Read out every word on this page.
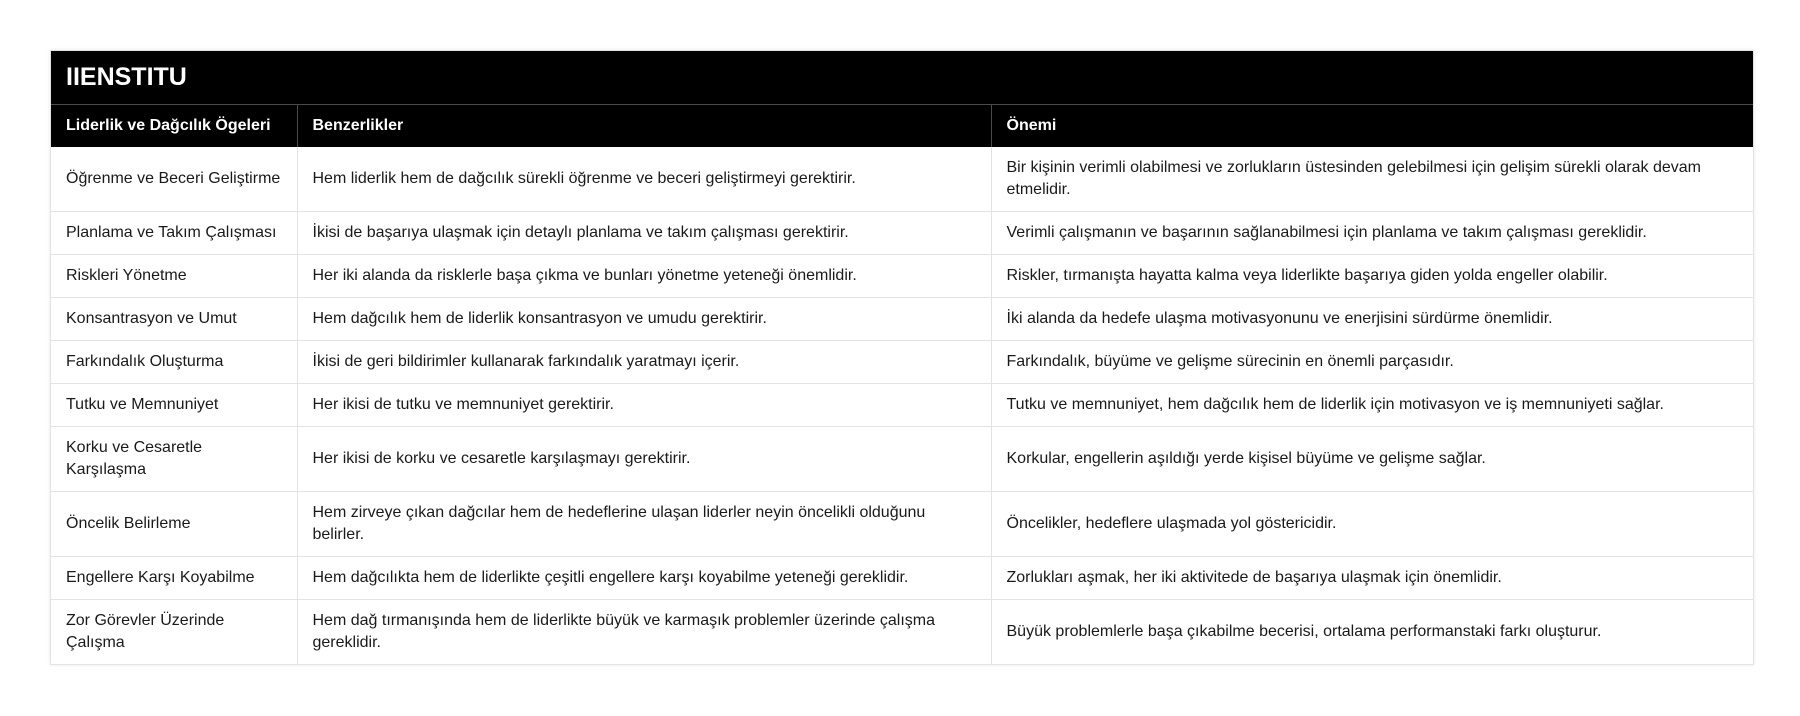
IIENSTITU
Liderlik ve Dağcılık Ögeleri	Benzerlikler	Önemi
Öğrenme ve Beceri Geliştirme	Hem liderlik hem de dağcılık sürekli öğrenme ve beceri geliştirmeyi gerektirir.	Bir kişinin verimli olabilmesi ve zorlukların üstesinden gelebilmesi için gelişim sürekli olarak devam etmelidir.
Planlama ve Takım Çalışması	İkisi de başarıya ulaşmak için detaylı planlama ve takım çalışması gerektirir.	Verimli çalışmanın ve başarının sağlanabilmesi için planlama ve takım çalışması gereklidir.
Riskleri Yönetme	Her iki alanda da risklerle başa çıkma ve bunları yönetme yeteneği önemlidir.	Riskler, tırmanışta hayatta kalma veya liderlikte başarıya giden yolda engeller olabilir.
Konsantrasyon ve Umut	Hem dağcılık hem de liderlik konsantrasyon ve umudu gerektirir.	İki alanda da hedefe ulaşma motivasyonunu ve enerjisini sürdürme önemlidir.
Farkındalık Oluşturma	İkisi de geri bildirimler kullanarak farkındalık yaratmayı içerir.	Farkındalık, büyüme ve gelişme sürecinin en önemli parçasıdır.
Tutku ve Memnuniyet	Her ikisi de tutku ve memnuniyet gerektirir.	Tutku ve memnuniyet, hem dağcılık hem de liderlik için motivasyon ve iş memnuniyeti sağlar.
Korku ve Cesaretle Karşılaşma	Her ikisi de korku ve cesaretle karşılaşmayı gerektirir.	Korkular, engellerin aşıldığı yerde kişisel büyüme ve gelişme sağlar.
Öncelik Belirleme	Hem zirveye çıkan dağcılar hem de hedeflerine ulaşan liderler neyin öncelikli olduğunu belirler.	Öncelikler, hedeflere ulaşmada yol göstericidir.
Engellere Karşı Koyabilme	Hem dağcılıkta hem de liderlikte çeşitli engellere karşı koyabilme yeteneği gereklidir.	Zorlukları aşmak, her iki aktivitede de başarıya ulaşmak için önemlidir.
Zor Görevler Üzerinde Çalışma	Hem dağ tırmanışında hem de liderlikte büyük ve karmaşık problemler üzerinde çalışma gereklidir.	Büyük problemlerle başa çıkabilme becerisi, ortalama performanstaki farkı oluşturur.
